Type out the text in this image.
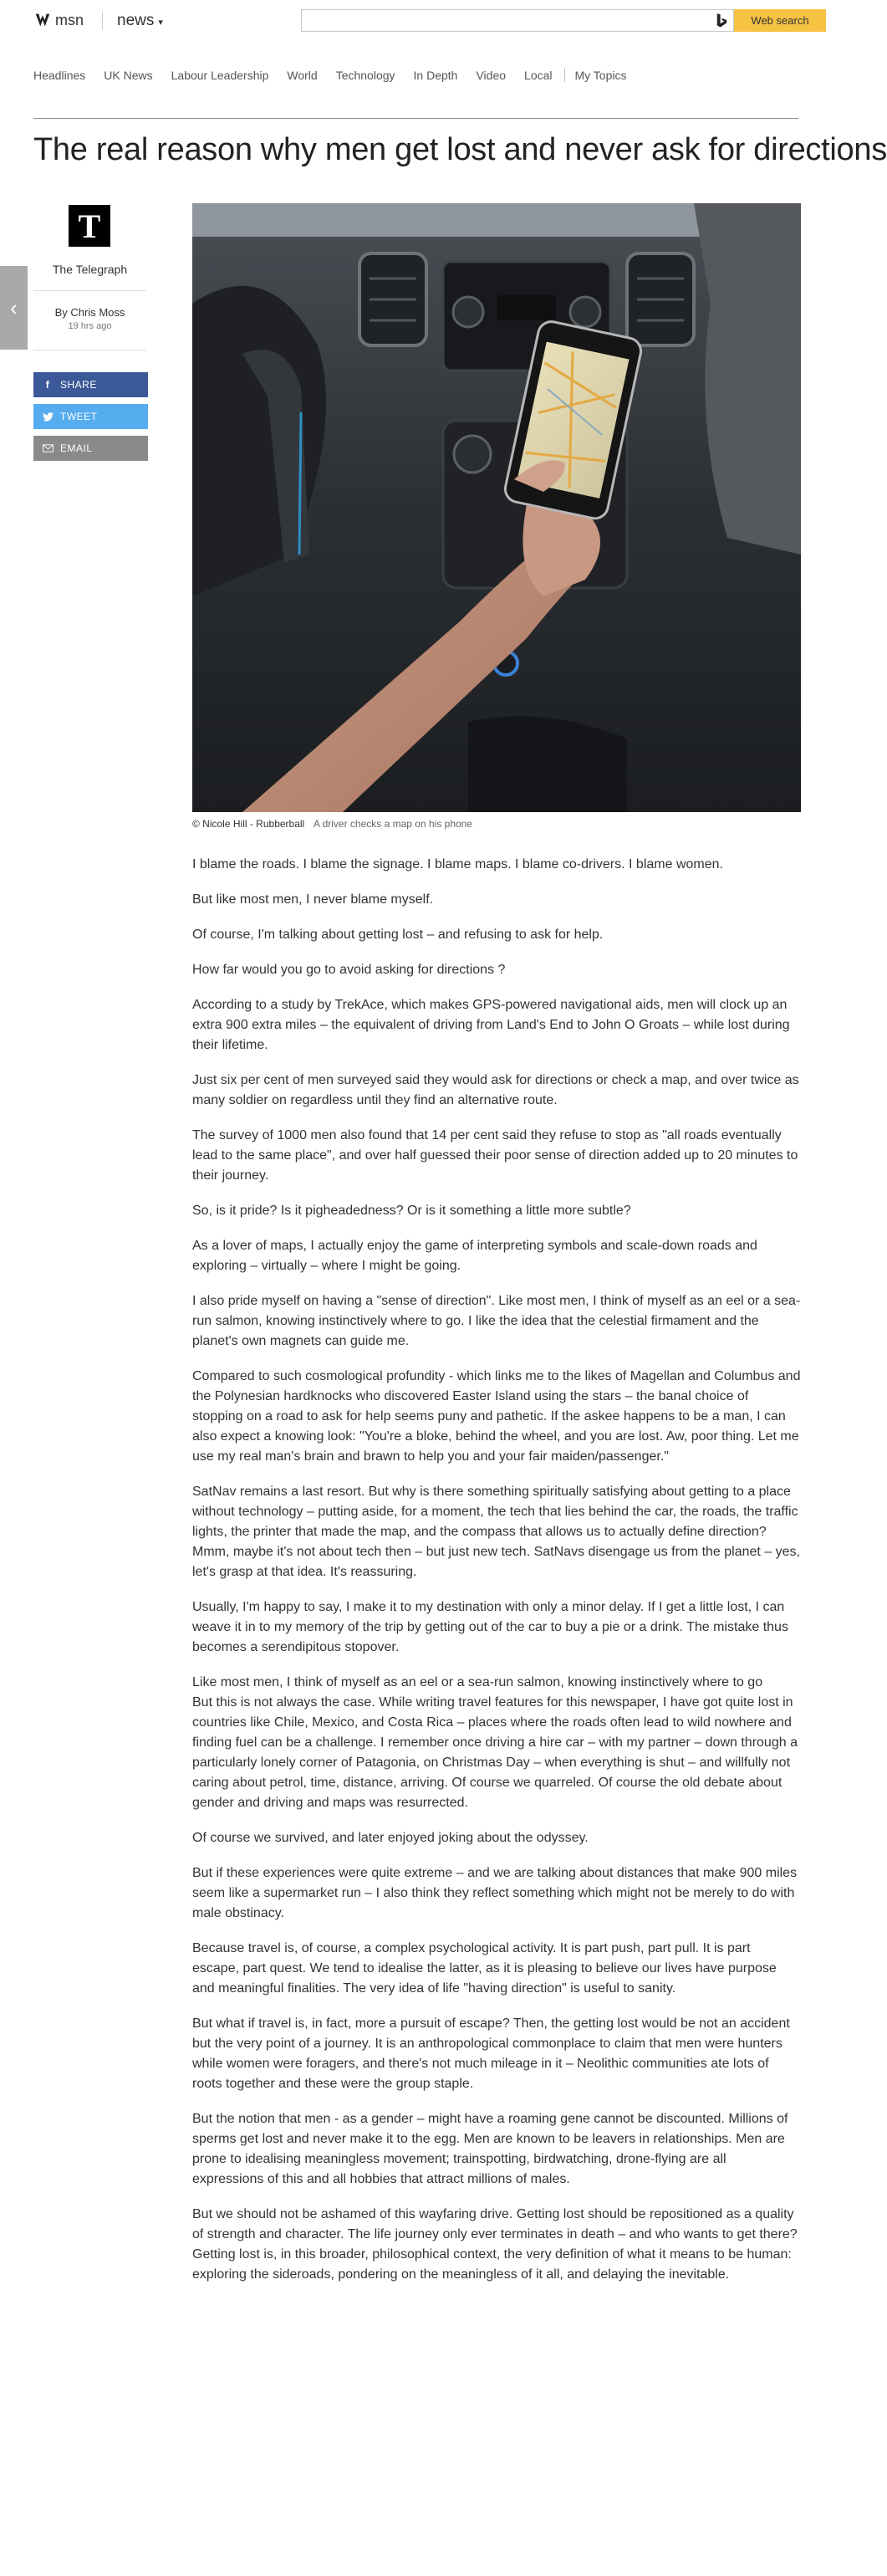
msn news ▾	Web search
Headlines UK News Labour Leadership World Technology In Depth Video Local My Topics
The real reason why men get lost and never ask for directions
‹
T
The Telegraph
By Chris Moss
19 hrs ago
f	SHARE
TWEET
EMAIL
© Nicole Hill - Rubberball A driver checks a map on his phone

I blame the roads. I blame the signage. I blame maps. I blame co-drivers. I blame women.

But like most men, I never blame myself.

Of course, I'm talking about getting lost – and refusing to ask for help.

How far would you go to avoid asking for directions ?

According to a study by TrekAce, which makes GPS-powered navigational aids, men will clock up an extra 900 extra miles – the equivalent of driving from Land's End to John O Groats – while lost during their lifetime.

Just six per cent of men surveyed said they would ask for directions or check a map, and over twice as many soldier on regardless until they find an alternative route.

The survey of 1000 men also found that 14 per cent said they refuse to stop as "all roads eventually lead to the same place", and over half guessed their poor sense of direction added up to 20 minutes to their journey.

So, is it pride? Is it pigheadedness? Or is it something a little more subtle?

As a lover of maps, I actually enjoy the game of interpreting symbols and scale-down roads and exploring – virtually – where I might be going.

I also pride myself on having a "sense of direction". Like most men, I think of myself as an eel or a sea-run salmon, knowing instinctively where to go. I like the idea that the celestial firmament and the planet's own magnets can guide me.

Compared to such cosmological profundity - which links me to the likes of Magellan and Columbus and the Polynesian hardknocks who discovered Easter Island using the stars – the banal choice of stopping on a road to ask for help seems puny and pathetic. If the askee happens to be a man, I can also expect a knowing look: "You're a bloke, behind the wheel, and you are lost. Aw, poor thing. Let me use my real man's brain and brawn to help you and your fair maiden/passenger."

SatNav remains a last resort. But why is there something spiritually satisfying about getting to a place without technology – putting aside, for a moment, the tech that lies behind the car, the roads, the traffic lights, the printer that made the map, and the compass that allows us to actually define direction? Mmm, maybe it's not about tech then – but just new tech. SatNavs disengage us from the planet – yes, let's grasp at that idea. It's reassuring.

Usually, I'm happy to say, I make it to my destination with only a minor delay. If I get a little lost, I can weave it in to my memory of the trip by getting out of the car to buy a pie or a drink. The mistake thus becomes a serendipitous stopover.

Like most men, I think of myself as an eel or a sea-run salmon, knowing instinctively where to go

But this is not always the case. While writing travel features for this newspaper, I have got quite lost in countries like Chile, Mexico, and Costa Rica – places where the roads often lead to wild nowhere and finding fuel can be a challenge. I remember once driving a hire car – with my partner – down through a particularly lonely corner of Patagonia, on Christmas Day – when everything is shut – and willfully not caring about petrol, time, distance, arriving. Of course we quarreled. Of course the old debate about gender and driving and maps was resurrected.

Of course we survived, and later enjoyed joking about the odyssey.

But if these experiences were quite extreme – and we are talking about distances that make 900 miles seem like a supermarket run – I also think they reflect something which might not be merely to do with male obstinacy.

Because travel is, of course, a complex psychological activity. It is part push, part pull. It is part escape, part quest. We tend to idealise the latter, as it is pleasing to believe our lives have purpose and meaningful finalities. The very idea of life "having direction" is useful to sanity.

But what if travel is, in fact, more a pursuit of escape? Then, the getting lost would be not an accident but the very point of a journey. It is an anthropological commonplace to claim that men were hunters while women were foragers, and there's not much mileage in it – Neolithic communities ate lots of roots together and these were the group staple.

But the notion that men - as a gender – might have a roaming gene cannot be discounted. Millions of sperms get lost and never make it to the egg. Men are known to be leavers in relationships. Men are prone to idealising meaningless movement; trainspotting, birdwatching, drone-flying are all expressions of this and all hobbies that attract millions of males.

But we should not be ashamed of this wayfaring drive. Getting lost should be repositioned as a quality of strength and character. The life journey only ever terminates in death – and who wants to get there? Getting lost is, in this broader, philosophical context, the very definition of what it means to be human: exploring the sideroads, pondering on the meaningless of it all, and delaying the inevitable.
